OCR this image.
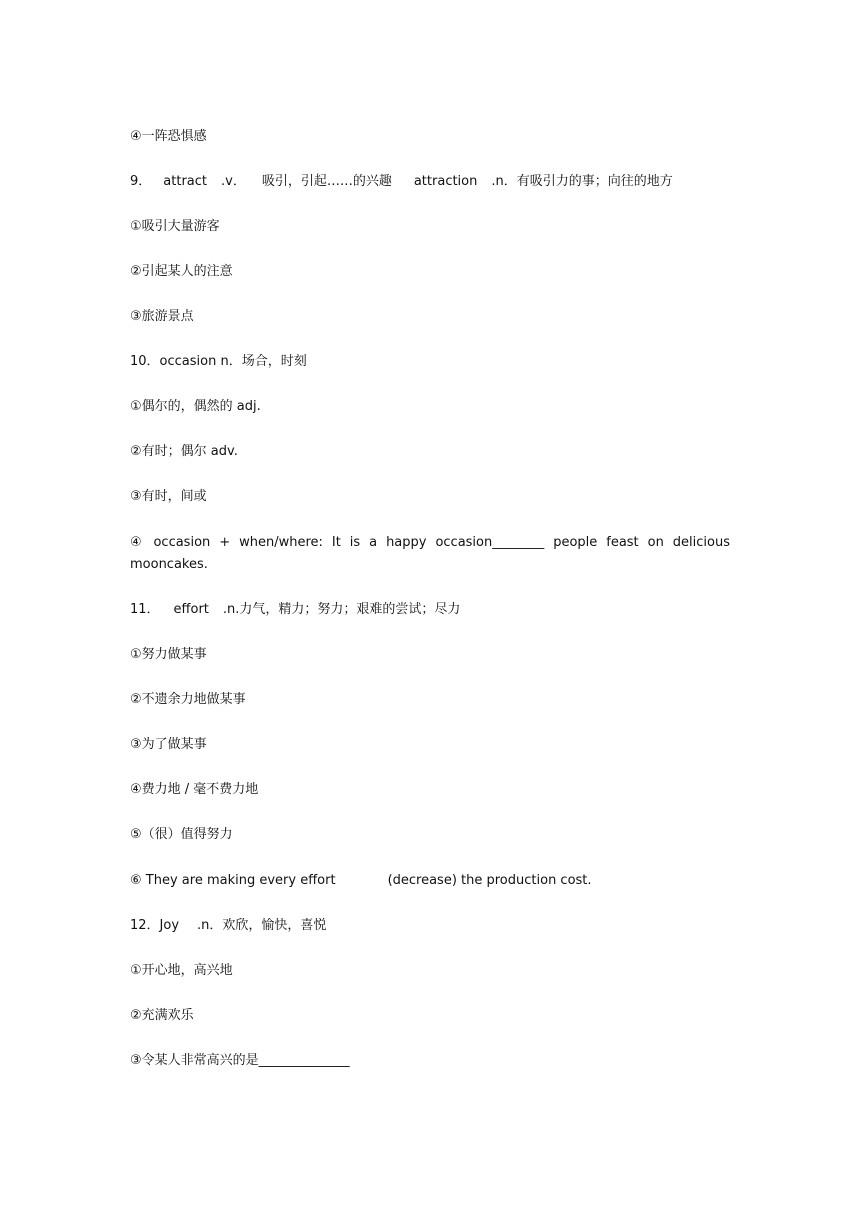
④一阵恐惧感
9． attract .v． 吸引，引起……的兴趣 attraction .n．有吸引力的事；向往的地方
①吸引大量游客
②引起某人的注意
③旅游景点
10．occasion n．场合，时刻
①偶尔的，偶然的 adj.
②有时；偶尔 adv.
③有时，间或
④ occasion + when/where: It is a happy occasion________ people feast on delicious mooncakes.
11． effort .n.力气，精力；努力；艰难的尝试；尽力
①努力做某事
②不遗余力地做某事
③为了做某事
④费力地 / 毫不费力地
⑤（很）值得努力
⑥ They are making every effort	(decrease) the production cost.
12．Joy .n．欢欣，愉快，喜悦
①开心地，高兴地
②充满欢乐
③令某人非常高兴的是______________
